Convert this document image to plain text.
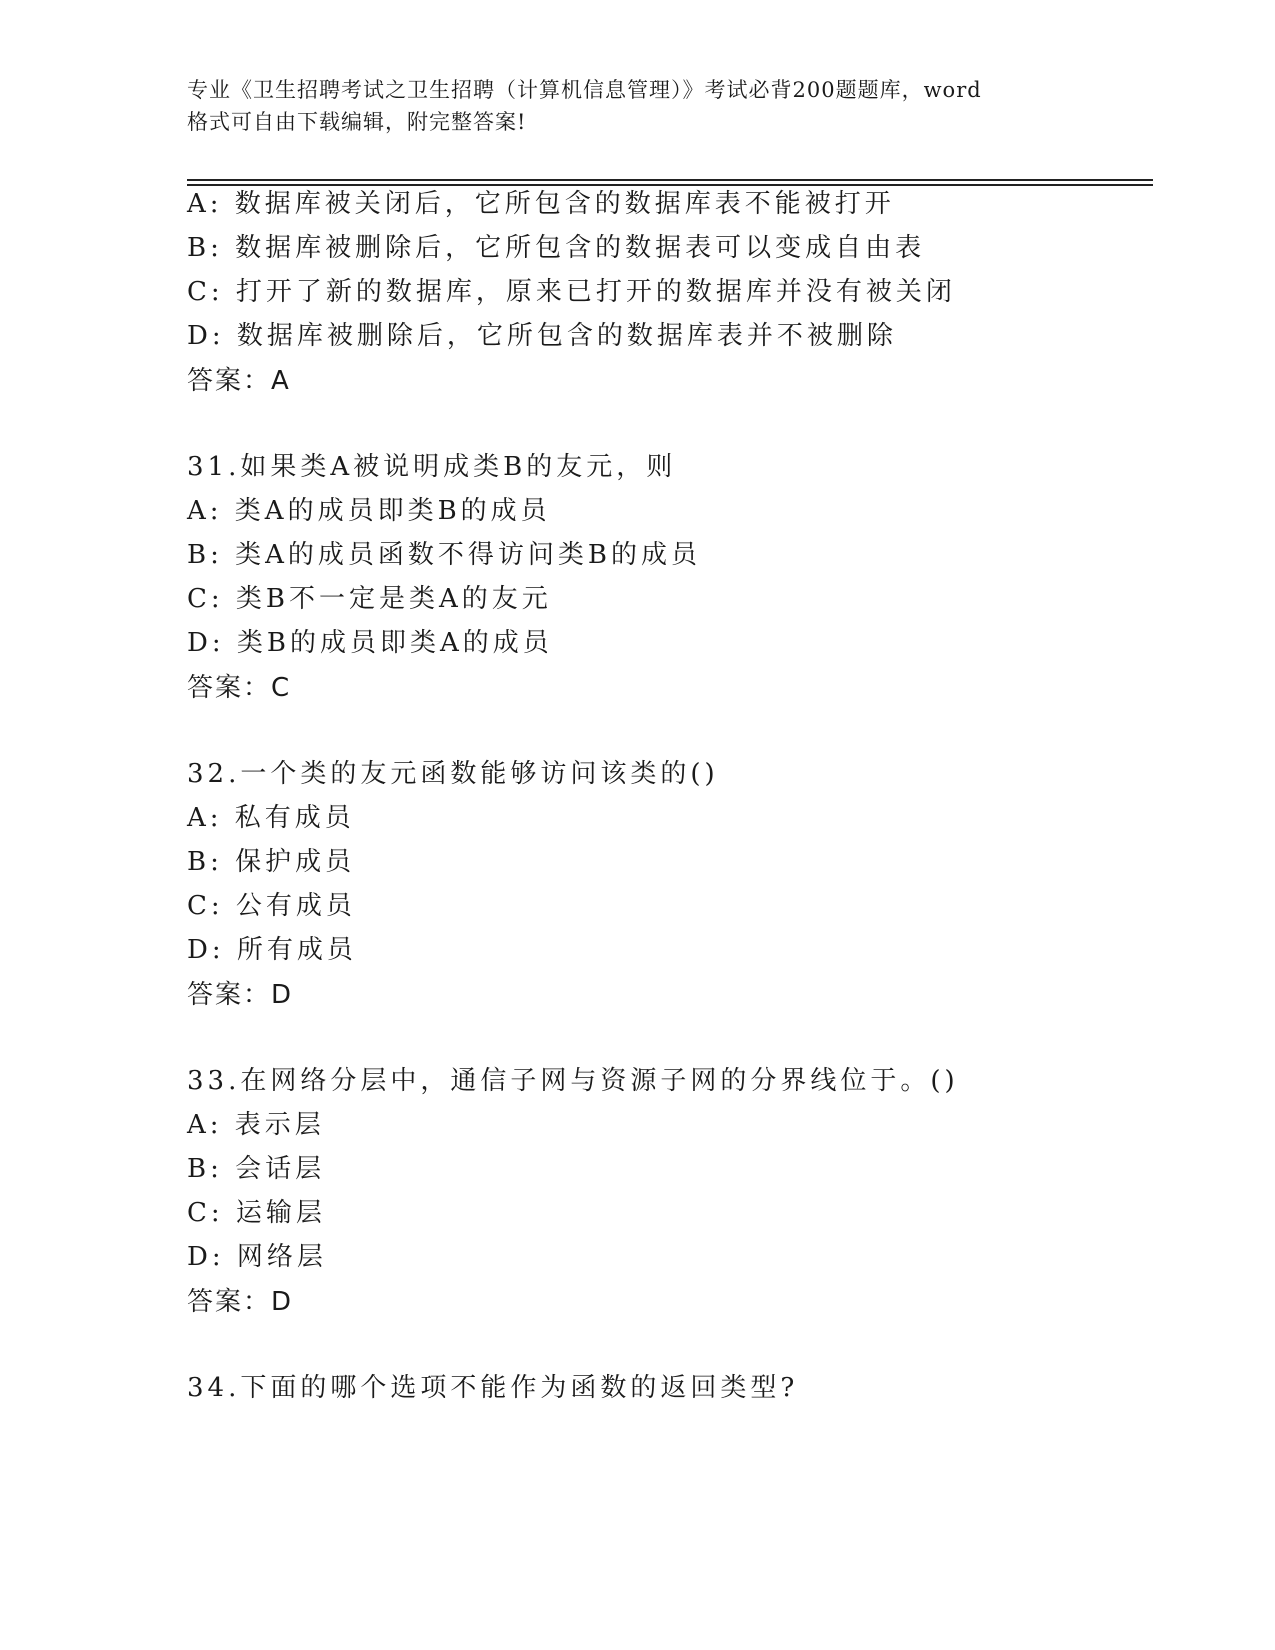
专业《卫生招聘考试之卫生招聘（计算机信息管理）》考试必背200题题库，word
格式可自由下载编辑，附完整答案!
A: 数据库被关闭后，它所包含的数据库表不能被打开
B: 数据库被删除后，它所包含的数据表可以变成自由表
C: 打开了新的数据库，原来已打开的数据库并没有被关闭
D: 数据库被删除后，它所包含的数据库表并不被删除
答案：A
31.如果类A被说明成类B的友元，则
A: 类A的成员即类B的成员
B: 类A的成员函数不得访问类B的成员
C: 类B不一定是类A的友元
D: 类B的成员即类A的成员
答案：C
32.一个类的友元函数能够访问该类的()
A: 私有成员
B: 保护成员
C: 公有成员
D: 所有成员
答案：D
33.在网络分层中，通信子网与资源子网的分界线位于。()
A: 表示层
B: 会话层
C: 运输层
D: 网络层
答案：D
34.下面的哪个选项不能作为函数的返回类型?
